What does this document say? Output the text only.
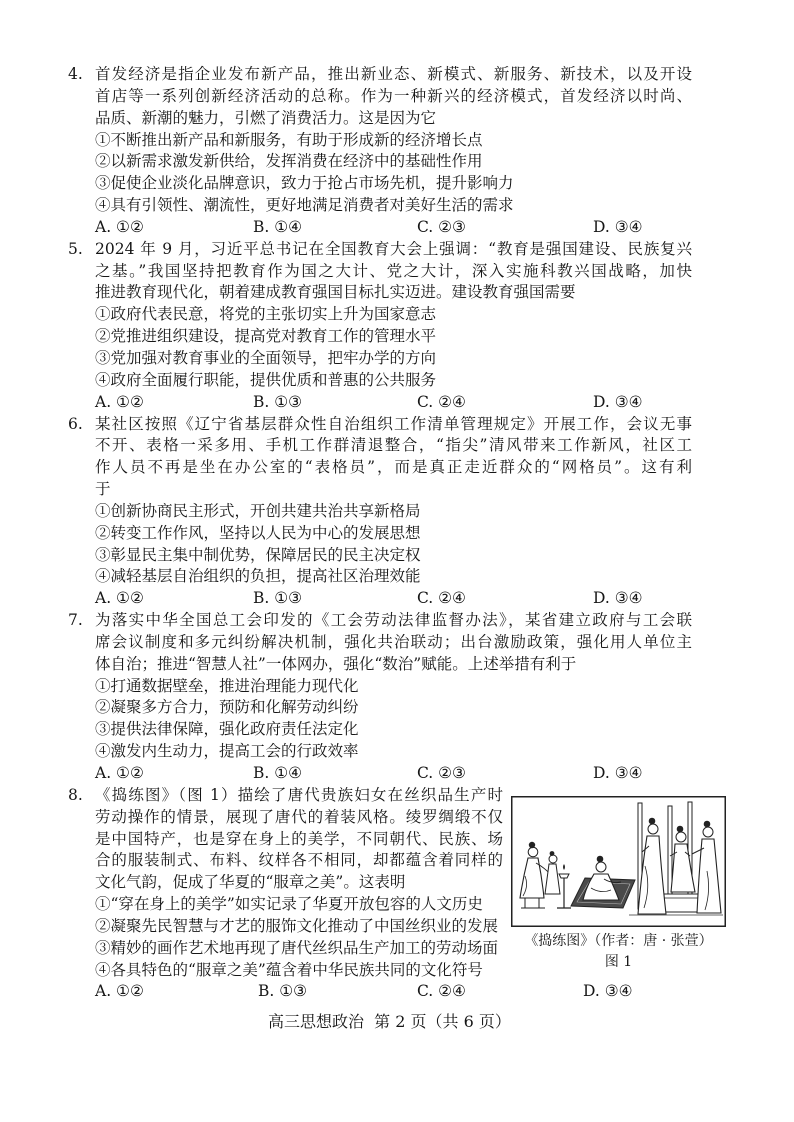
4. 首发经济是指企业发布新产品，推出新业态、新模式、新服务、新技术，以及开设
首店等一系列创新经济活动的总称。作为一种新兴的经济模式，首发经济以时尚、
品质、新潮的魅力，引燃了消费活力。这是因为它
①不断推出新产品和新服务，有助于形成新的经济增长点
②以新需求激发新供给，发挥消费在经济中的基础性作用
③促使企业淡化品牌意识，致力于抢占市场先机，提升影响力
④具有引领性、潮流性，更好地满足消费者对美好生活的需求
A. ①②	B. ①④	C. ②③	D. ③④
5. 2024 年 9 月，习近平总书记在全国教育大会上强调：“教育是强国建设、民族复兴
之基。”我国坚持把教育作为国之大计、党之大计，深入实施科教兴国战略，加快
推进教育现代化，朝着建成教育强国目标扎实迈进。建设教育强国需要
①政府代表民意，将党的主张切实上升为国家意志
②党推进组织建设，提高党对教育工作的管理水平
③党加强对教育事业的全面领导，把牢办学的方向
④政府全面履行职能，提供优质和普惠的公共服务
A. ①②	B. ①③	C. ②④	D. ③④
6. 某社区按照《辽宁省基层群众性自治组织工作清单管理规定》开展工作，会议无事
不开、表格一采多用、手机工作群清退整合，“指尖”清风带来工作新风，社区工
作人员不再是坐在办公室的“表格员”，而是真正走近群众的“网格员”。这有利
于
①创新协商民主形式，开创共建共治共享新格局
②转变工作作风，坚持以人民为中心的发展思想
③彰显民主集中制优势，保障居民的民主决定权
④减轻基层自治组织的负担，提高社区治理效能
A. ①②	B. ①③	C. ②④	D. ③④
7. 为落实中华全国总工会印发的《工会劳动法律监督办法》，某省建立政府与工会联
席会议制度和多元纠纷解决机制，强化共治联动；出台激励政策，强化用人单位主
体自治；推进“智慧人社”一体网办，强化“数治”赋能。上述举措有利于
①打通数据壁垒，推进治理能力现代化
②凝聚多方合力，预防和化解劳动纠纷
③提供法律保障，强化政府责任法定化
④激发内生动力，提高工会的行政效率
A. ①②	B. ①④	C. ②③	D. ③④
8. 《捣练图》（图 1）描绘了唐代贵族妇女在丝织品生产时
劳动操作的情景，展现了唐代的着装风格。绫罗绸缎不仅
是中国特产，也是穿在身上的美学，不同朝代、民族、场
合的服装制式、布料、纹样各不相同，却都蕴含着同样的
文化气韵，促成了华夏的“服章之美”。这表明
①“穿在身上的美学”如实记录了华夏开放包容的人文历史
②凝聚先民智慧与才艺的服饰文化推动了中国丝织业的发展
③精妙的画作艺术地再现了唐代丝织品生产加工的劳动场面
④各具特色的“服章之美”蕴含着中华民族共同的文化符号
A. ①②	B. ①③	C. ②④	D. ③④
《捣练图》（作者：唐 · 张萱）
图 1
高三思想政治  第 2 页（共 6 页）
